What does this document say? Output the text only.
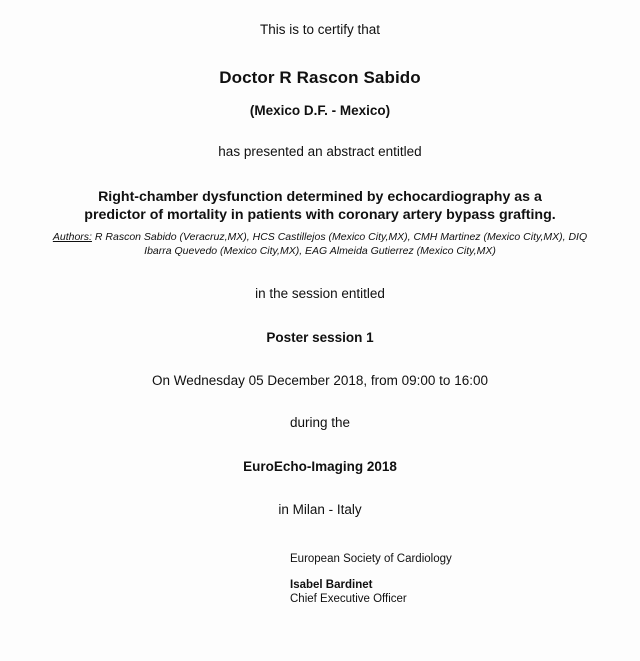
This is to certify that
Doctor R Rascon Sabido
(Mexico D.F. - Mexico)
has presented an abstract entitled
Right-chamber dysfunction determined by echocardiography as a predictor of mortality in patients with coronary artery bypass grafting.
Authors: R Rascon Sabido (Veracruz,MX), HCS Castillejos (Mexico City,MX), CMH Martinez (Mexico City,MX), DIQ Ibarra Quevedo (Mexico City,MX), EAG Almeida Gutierrez (Mexico City,MX)
in the session entitled
Poster session 1
On Wednesday 05 December 2018, from 09:00 to 16:00
during the
EuroEcho-Imaging 2018
in Milan - Italy
European Society of Cardiology
Isabel Bardinet
Chief Executive Officer
